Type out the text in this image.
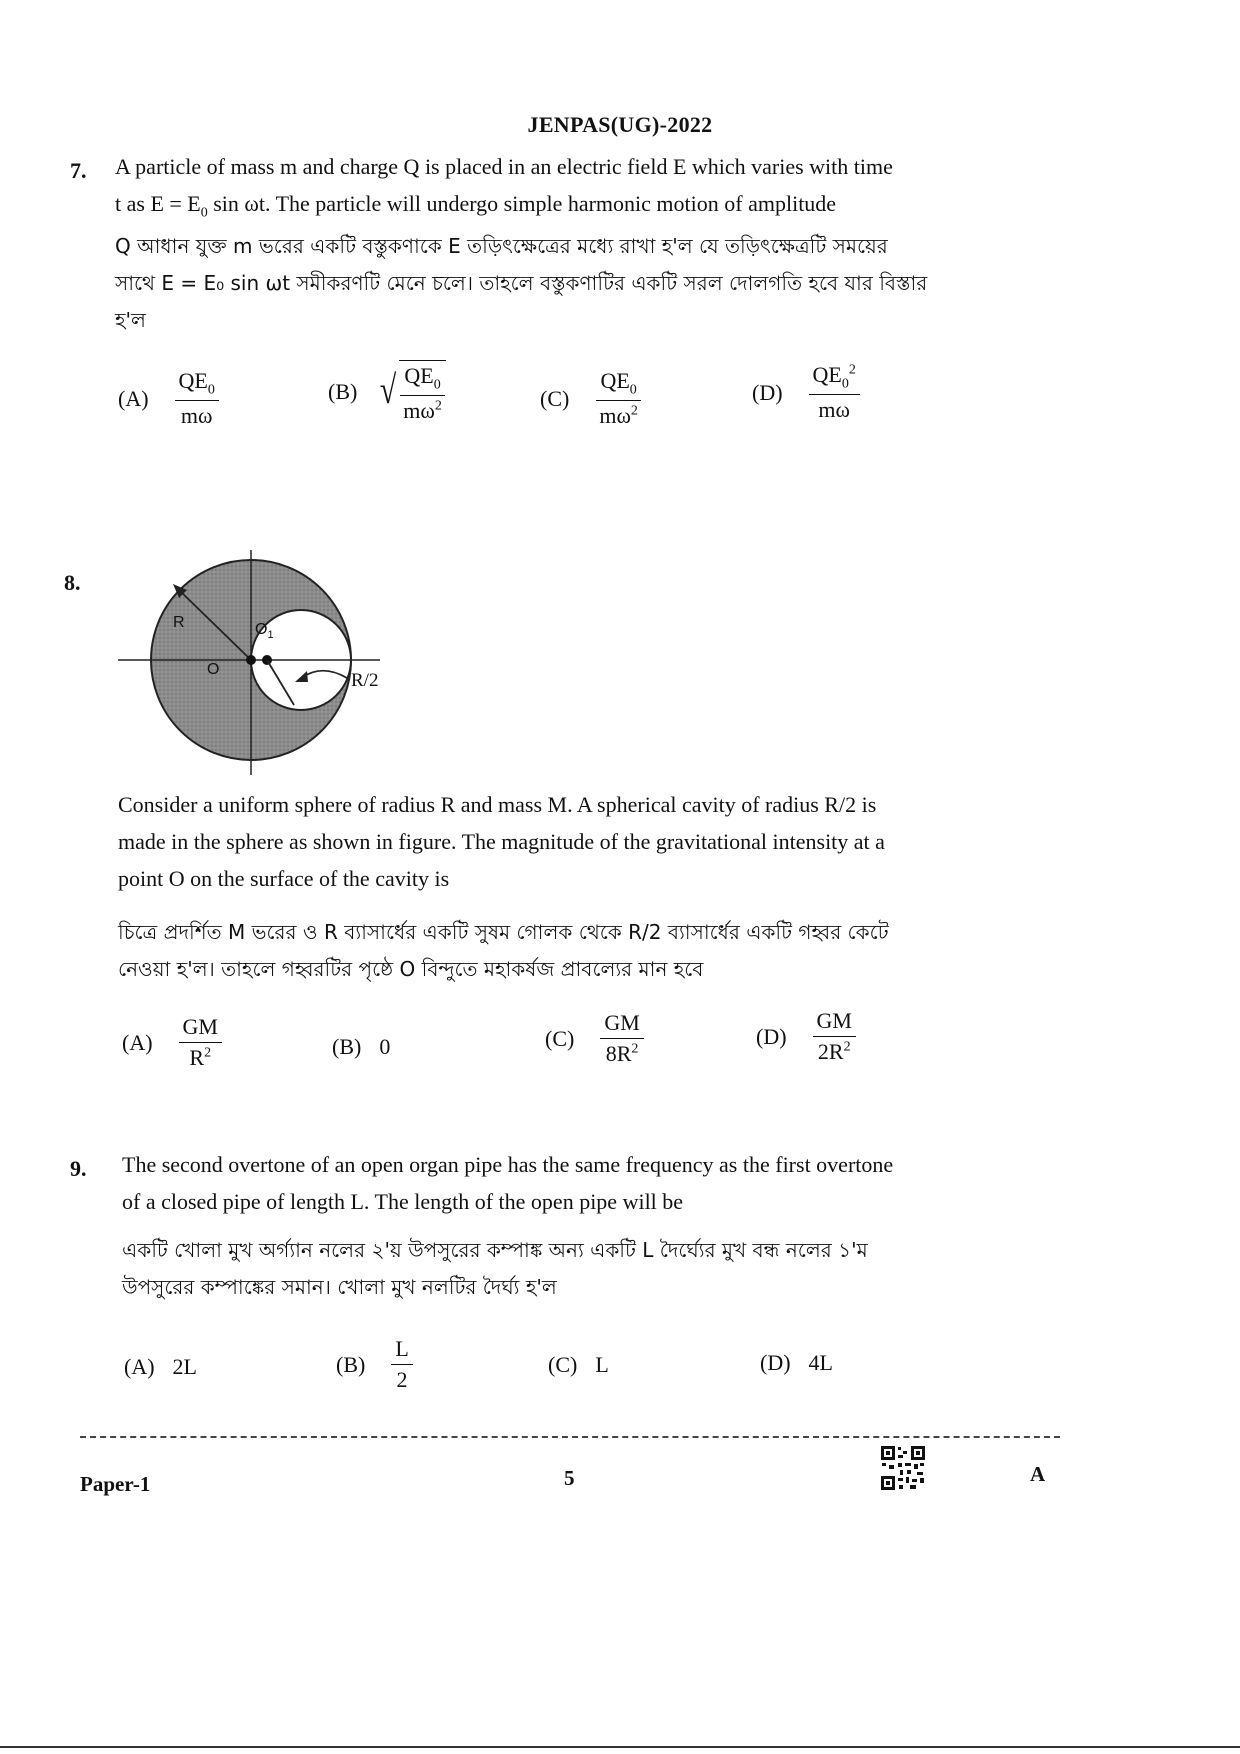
JENPAS(UG)-2022
7. A particle of mass m and charge Q is placed in an electric field E which varies with time
t as $E = E_0$ sin ωt. The particle will undergo simple harmonic motion of amplitude
Q আধান যুক্ত m ভরের একটি বস্তুকণাকে E তড়িৎক্ষেত্রের মধ্যে রাখা হ'ল যে তড়িৎক্ষেত্রটি সময়ের
সাথে E = E₀ sin ωt সমীকরণটি মেনে চলে। তাহলে বস্তুকণাটির একটি সরল দোলগতি হবে যার বিস্তার
হ'ল
$(A) \frac{QE_0}{m\omega}$	(B) √ $\frac{QE_0}{m\omega^2}$	$(C) \frac{QE_0}{m\omega^2}$	$(D) \frac{QE_0^2}{m\omega}$
8.
R	$O_1$
O
R/2
Consider a uniform sphere of radius R and mass M. A spherical cavity of radius R/2 is
made in the sphere as shown in figure. The magnitude of the gravitational intensity at a
point O on the surface of the cavity is
চিত্রে প্রদর্শিত M ভরের ও R ব্যাসার্ধের একটি সুষম গোলক থেকে R/2 ব্যাসার্ধের একটি গহ্বর কেটে
নেওয়া হ'ল। তাহলে গহ্বরটির পৃষ্ঠে O বিন্দুতে মহাকর্ষজ প্রাবল্যের মান হবে
$(A) \frac{GM}{R^2}$	(B) 0	$(C) \frac{GM}{8R^2}$	$(D) \frac{GM}{2R^2}$
9. The second overtone of an open organ pipe has the same frequency as the first overtone
of a closed pipe of length L. The length of the open pipe will be
একটি খোলা মুখ অর্গ্যান নলের ২'য় উপসুরের কম্পাঙ্ক অন্য একটি L দৈর্ঘ্যের মুখ বন্ধ নলের ১'ম
উপসুরের কম্পাঙ্কের সমান। খোলা মুখ নলটির দৈর্ঘ্য হ'ল
(A) 2L	$(B) \frac{L}{2}$	(C) L	(D) 4L
Paper-1	5	A
